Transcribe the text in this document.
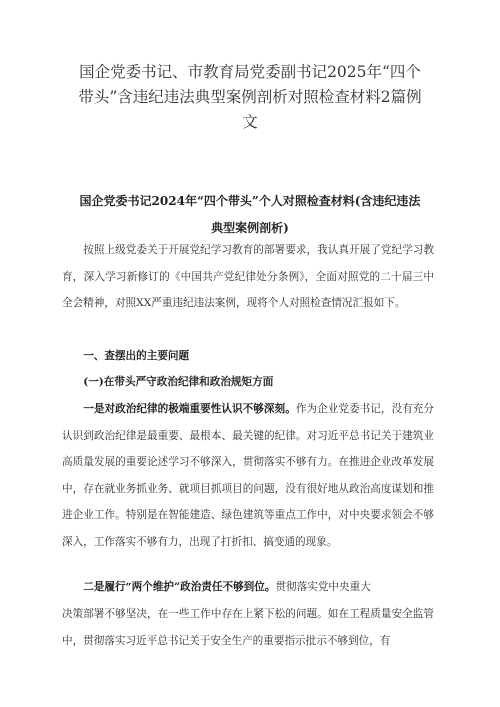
国企党委书记、市教育局党委副书记2025年“四个带头”含违纪违法典型案例剖析对照检查材料2篇例文
国企党委书记2024年“四个带头”个人对照检查材料(含违纪违法典型案例剖析)

按照上级党委关于开展党纪学习教育的部署要求，我认真开展了党纪学习教育，深入学习新修订的《中国共产党纪律处分条例》，全面对照党的二十届三中全会精神，对照XX严重违纪违法案例，现将个人对照检查情况汇报如下。

一、查摆出的主要问题

(一)在带头严守政治纪律和政治规矩方面

一是对政治纪律的极端重要性认识不够深刻。作为企业党委书记，没有充分认识到政治纪律是最重要、最根本、最关键的纪律。对习近平总书记关于建筑业高质量发展的重要论述学习不够深入，贯彻落实不够有力。在推进企业改革发展中，存在就业务抓业务、就项目抓项目的问题，没有很好地从政治高度谋划和推进企业工作。特别是在智能建造、绿色建筑等重点工作中，对中央要求领会不够深入，工作落实不够有力，出现了打折扣、搞变通的现象。

二是履行“两个维护”政治责任不够到位。贯彻落实党中央重大

决策部署不够坚决，在一些工作中存在上紧下松的问题。如在工程质量安全监管中，贯彻落实习近平总书记关于安全生产的重要指示批示不够到位，有
